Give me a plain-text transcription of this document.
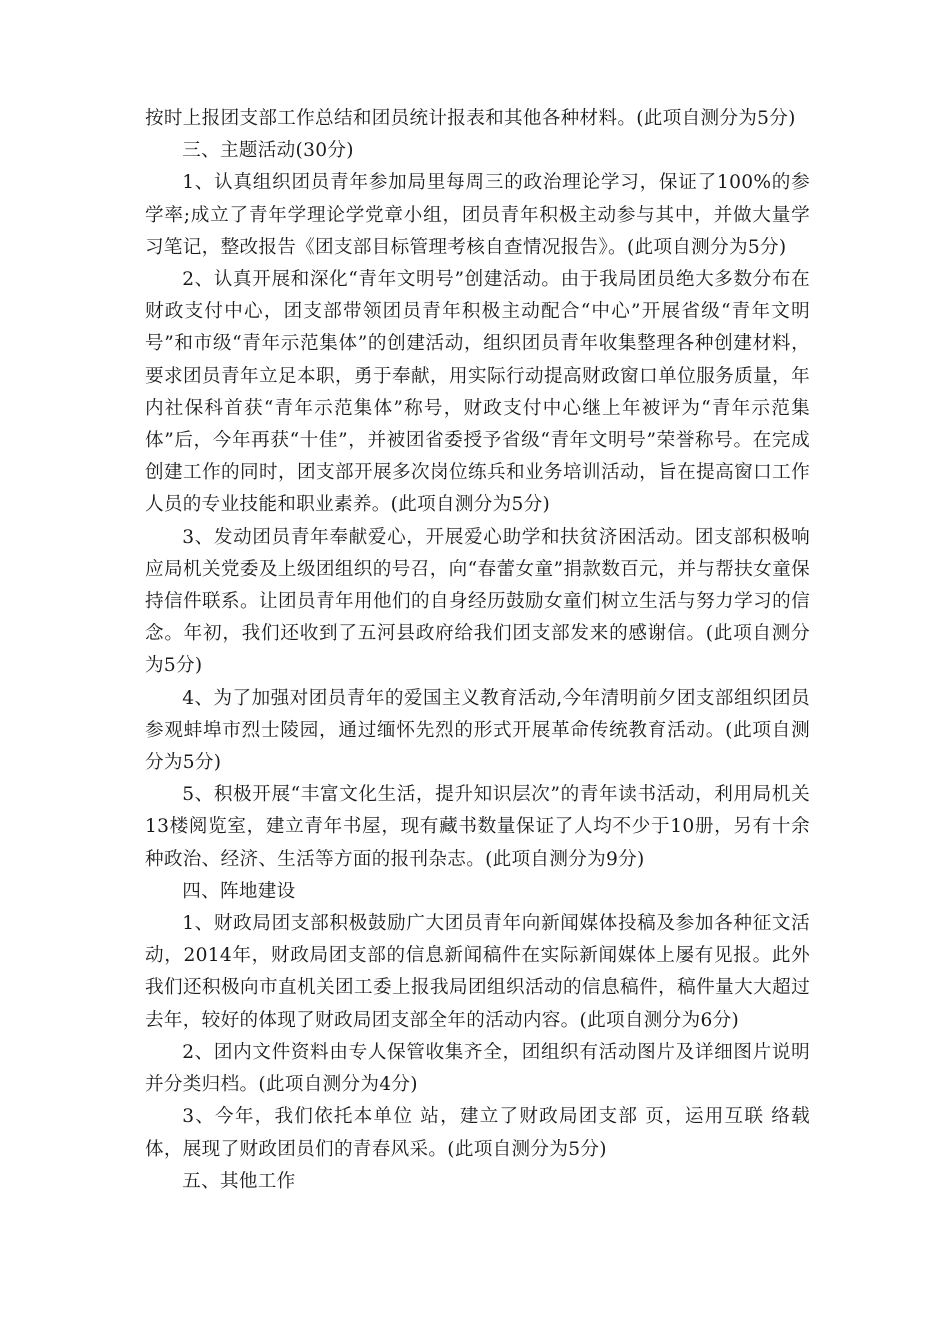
按时上报团支部工作总结和团员统计报表和其他各种材料。(此项自测分为5分)

三、主题活动(30分)

1、认真组织团员青年参加局里每周三的政治理论学习，保证了100%的参学率;成立了青年学理论学党章小组，团员青年积极主动参与其中，并做大量学习笔记，整改报告《团支部目标管理考核自查情况报告》。(此项自测分为5分)

2、认真开展和深化“青年文明号”创建活动。由于我局团员绝大多数分布在财政支付中心，团支部带领团员青年积极主动配合“中心”开展省级“青年文明号”和市级“青年示范集体”的创建活动，组织团员青年收集整理各种创建材料，要求团员青年立足本职，勇于奉献，用实际行动提高财政窗口单位服务质量，年内社保科首获“青年示范集体”称号，财政支付中心继上年被评为“青年示范集体”后，今年再获“十佳”，并被团省委授予省级“青年文明号”荣誉称号。在完成创建工作的同时，团支部开展多次岗位练兵和业务培训活动，旨在提高窗口工作人员的专业技能和职业素养。(此项自测分为5分)

3、发动团员青年奉献爱心，开展爱心助学和扶贫济困活动。团支部积极响应局机关党委及上级团组织的号召，向“春蕾女童”捐款数百元，并与帮扶女童保持信件联系。让团员青年用他们的自身经历鼓励女童们树立生活与努力学习的信念。年初，我们还收到了五河县政府给我们团支部发来的感谢信。(此项自测分为5分)

4、为了加强对团员青年的爱国主义教育活动,今年清明前夕团支部组织团员参观蚌埠市烈士陵园，通过缅怀先烈的形式开展革命传统教育活动。(此项自测分为5分)

5、积极开展“丰富文化生活，提升知识层次”的青年读书活动，利用局机关13楼阅览室，建立青年书屋，现有藏书数量保证了人均不少于10册，另有十余种政治、经济、生活等方面的报刊杂志。(此项自测分为9分)

四、阵地建设

1、财政局团支部积极鼓励广大团员青年向新闻媒体投稿及参加各种征文活动，2014年，财政局团支部的信息新闻稿件在实际新闻媒体上屡有见报。此外我们还积极向市直机关团工委上报我局团组织活动的信息稿件，稿件量大大超过去年，较好的体现了财政局团支部全年的活动内容。(此项自测分为6分)

2、团内文件资料由专人保管收集齐全，团组织有活动图片及详细图片说明并分类归档。(此项自测分为4分)

3、今年，我们依托本单位 站，建立了财政局团支部 页，运用互联 络载体，展现了财政团员们的青春风采。(此项自测分为5分)

五、其他工作
